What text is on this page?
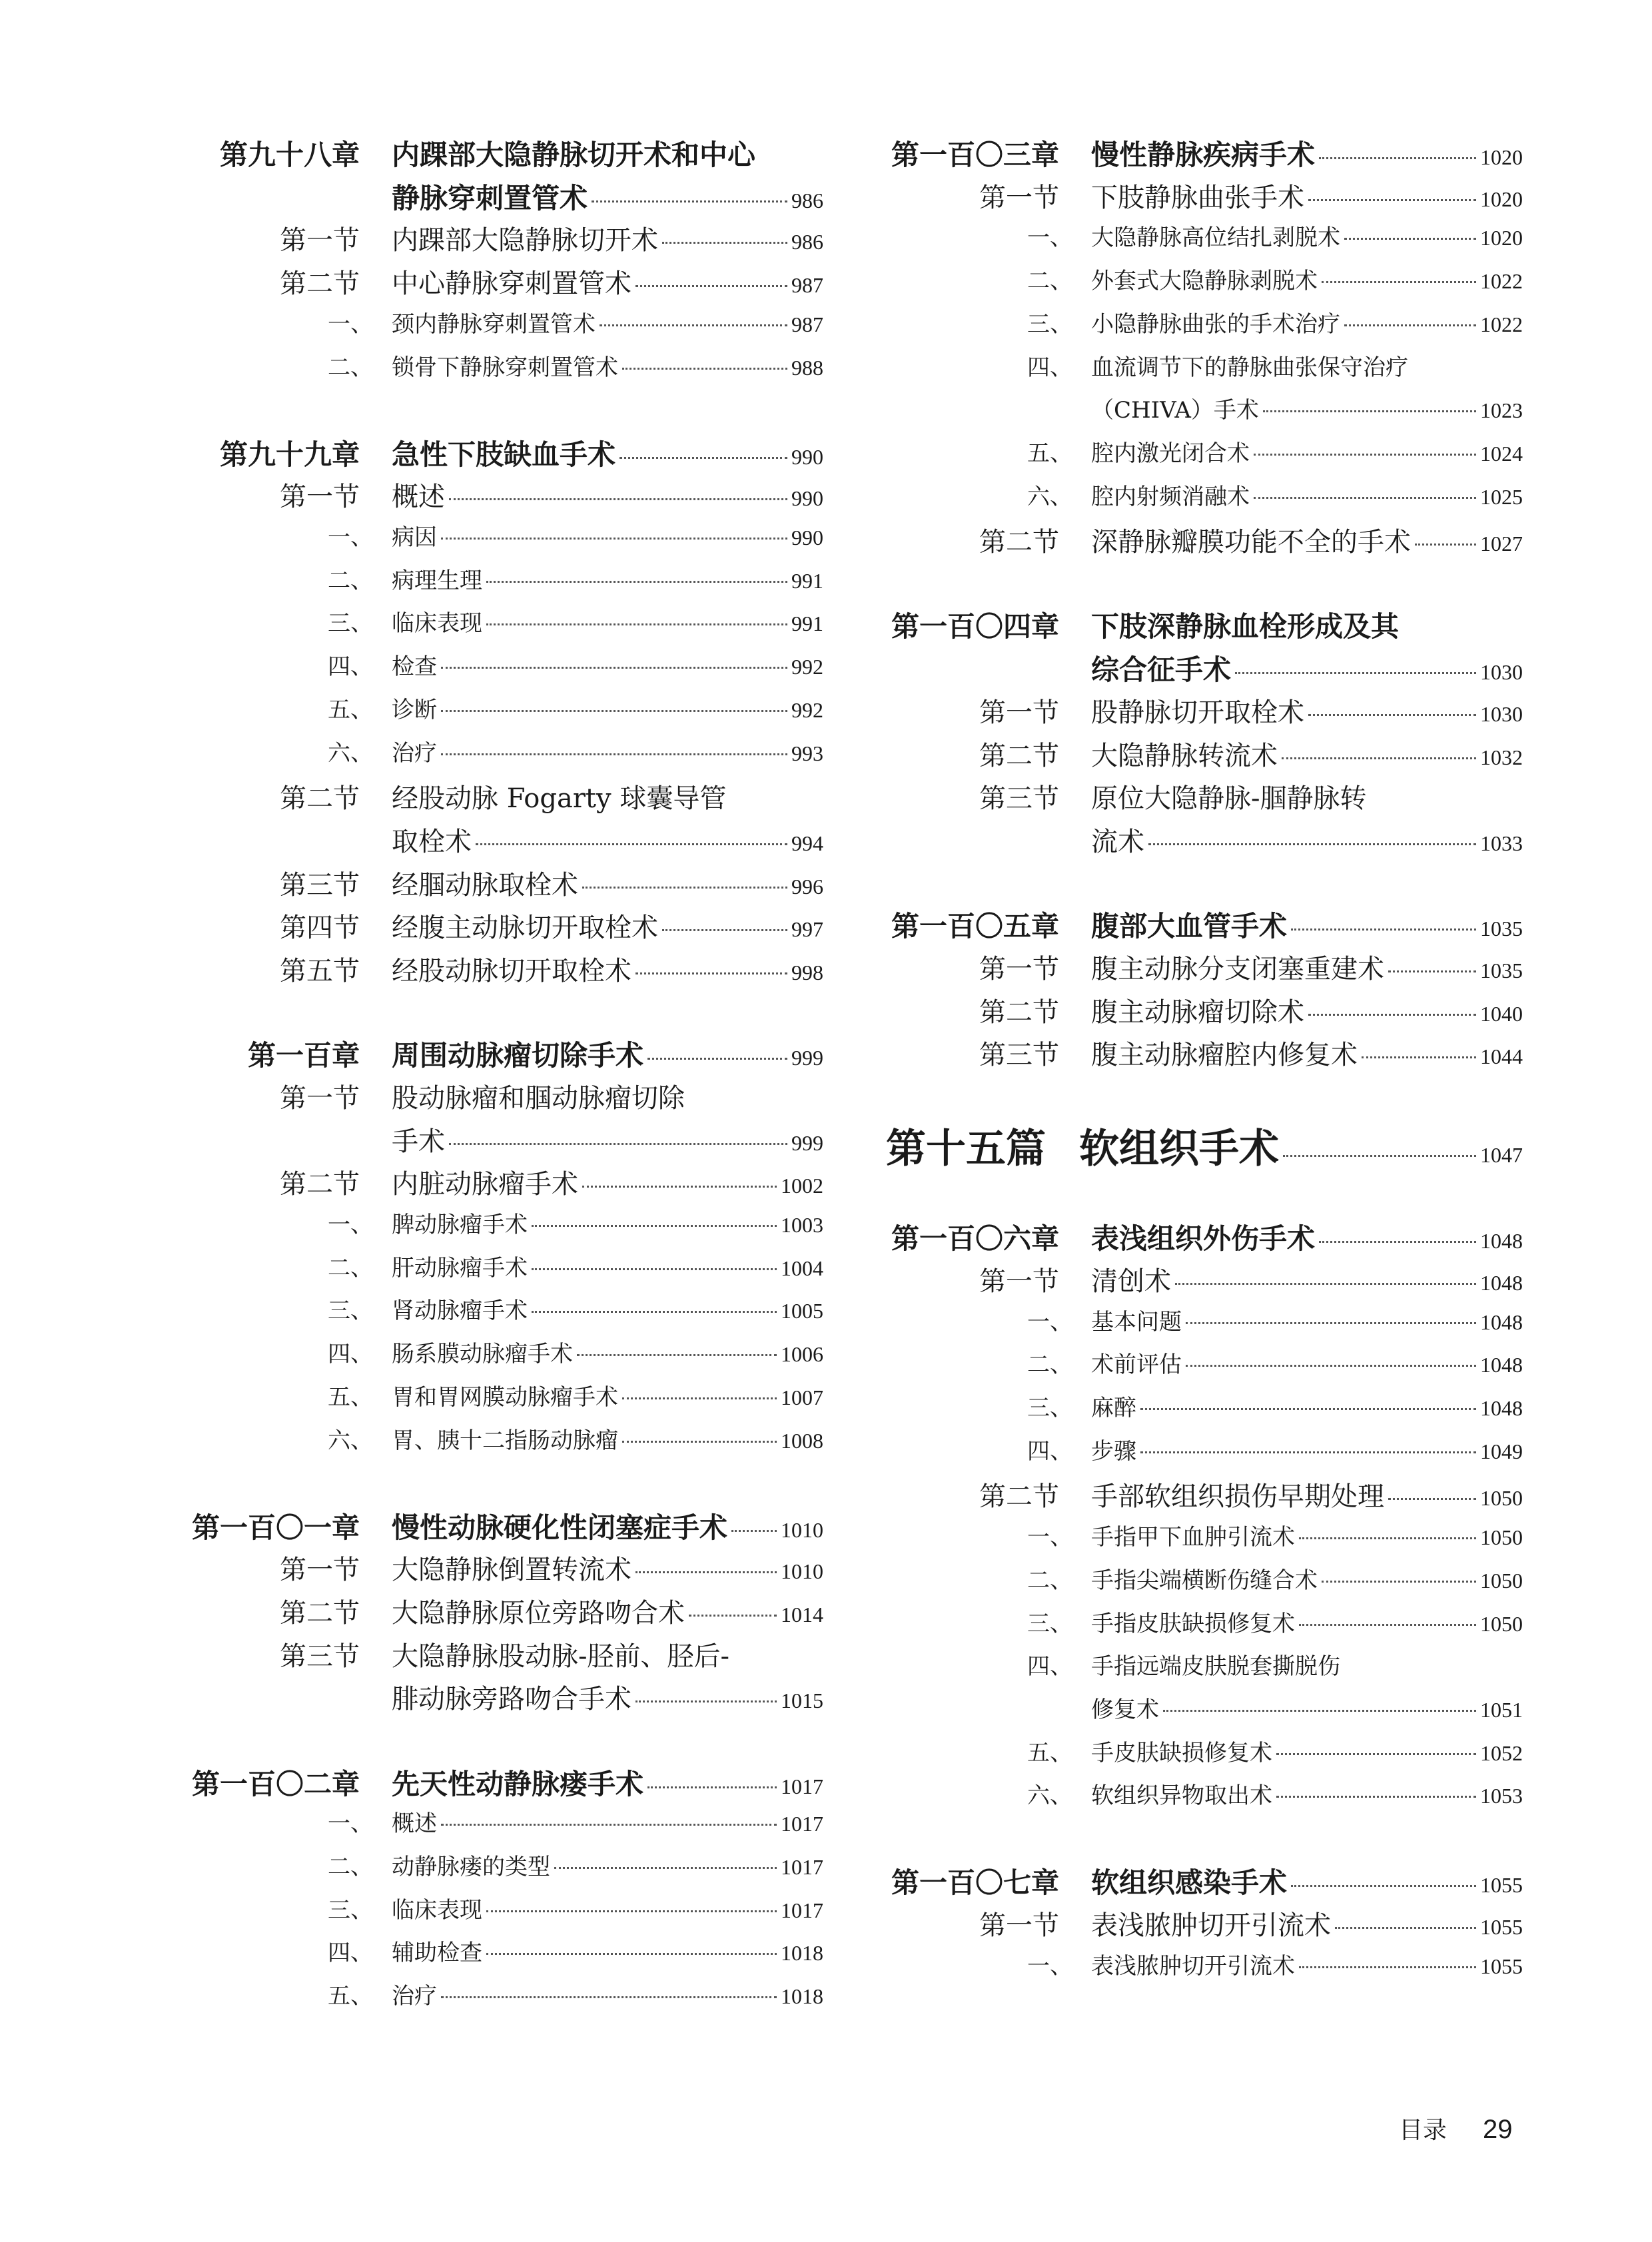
第九十八章 内踝部大隐静脉切开术和中心
静脉穿刺置管术	986
第一节 内踝部大隐静脉切开术	986
第二节 中心静脉穿刺置管术	987
一、 颈内静脉穿刺置管术	987
二、 锁骨下静脉穿刺置管术	988
第九十九章 急性下肢缺血手术	990
第一节 概述	990
一、 病因	990
二、 病理生理	991
三、 临床表现	991
四、 检查	992
五、 诊断	992
六、 治疗	993
第二节 经股动脉 Fogarty 球囊导管
取栓术	994
第三节 经腘动脉取栓术	996
第四节 经腹主动脉切开取栓术	997
第五节 经股动脉切开取栓术	998
第一百章 周围动脉瘤切除手术	999
第一节 股动脉瘤和腘动脉瘤切除
手术	999
第二节 内脏动脉瘤手术	1002
一、 脾动脉瘤手术	1003
二、 肝动脉瘤手术	1004
三、 肾动脉瘤手术	1005
四、 肠系膜动脉瘤手术	1006
五、 胃和胃网膜动脉瘤手术	1007
六、 胃、胰十二指肠动脉瘤	1008
第一百〇一章 慢性动脉硬化性闭塞症手术 1010
第一节 大隐静脉倒置转流术	1010
第二节 大隐静脉原位旁路吻合术	1014
第三节 大隐静脉股动脉-胫前、胫后-
腓动脉旁路吻合手术	1015
第一百〇二章 先天性动静脉瘘手术	1017
一、 概述	1017
二、 动静脉瘘的类型	1017
三、 临床表现	1017
四、 辅助检查	1018
五、 治疗	1018
第一百〇三章 慢性静脉疾病手术	1020
第一节 下肢静脉曲张手术	1020
一、 大隐静脉高位结扎剥脱术	1020
二、 外套式大隐静脉剥脱术	1022
三、 小隐静脉曲张的手术治疗	1022
四、 血流调节下的静脉曲张保守治疗
（CHIVA）手术	1023
五、 腔内激光闭合术	1024
六、 腔内射频消融术	1025
第二节 深静脉瓣膜功能不全的手术	1027
第一百〇四章 下肢深静脉血栓形成及其
综合征手术	1030
第一节 股静脉切开取栓术	1030
第二节 大隐静脉转流术	1032
第三节 原位大隐静脉-腘静脉转
流术	1033
第一百〇五章 腹部大血管手术	1035
第一节 腹主动脉分支闭塞重建术	1035
第二节 腹主动脉瘤切除术	1040
第三节 腹主动脉瘤腔内修复术	1044
第十五篇 软组织手术	1047
第一百〇六章 表浅组织外伤手术	1048
第一节 清创术	1048
一、 基本问题	1048
二、 术前评估	1048
三、 麻醉	1048
四、 步骤	1049
第二节 手部软组织损伤早期处理	1050
一、 手指甲下血肿引流术	1050
二、 手指尖端横断伤缝合术	1050
三、 手指皮肤缺损修复术	1050
四、 手指远端皮肤脱套撕脱伤
修复术	1051
五、 手皮肤缺损修复术	1052
六、 软组织异物取出术	1053
第一百〇七章 软组织感染手术	1055
第一节 表浅脓肿切开引流术	1055
一、 表浅脓肿切开引流术	1055
目录 29
